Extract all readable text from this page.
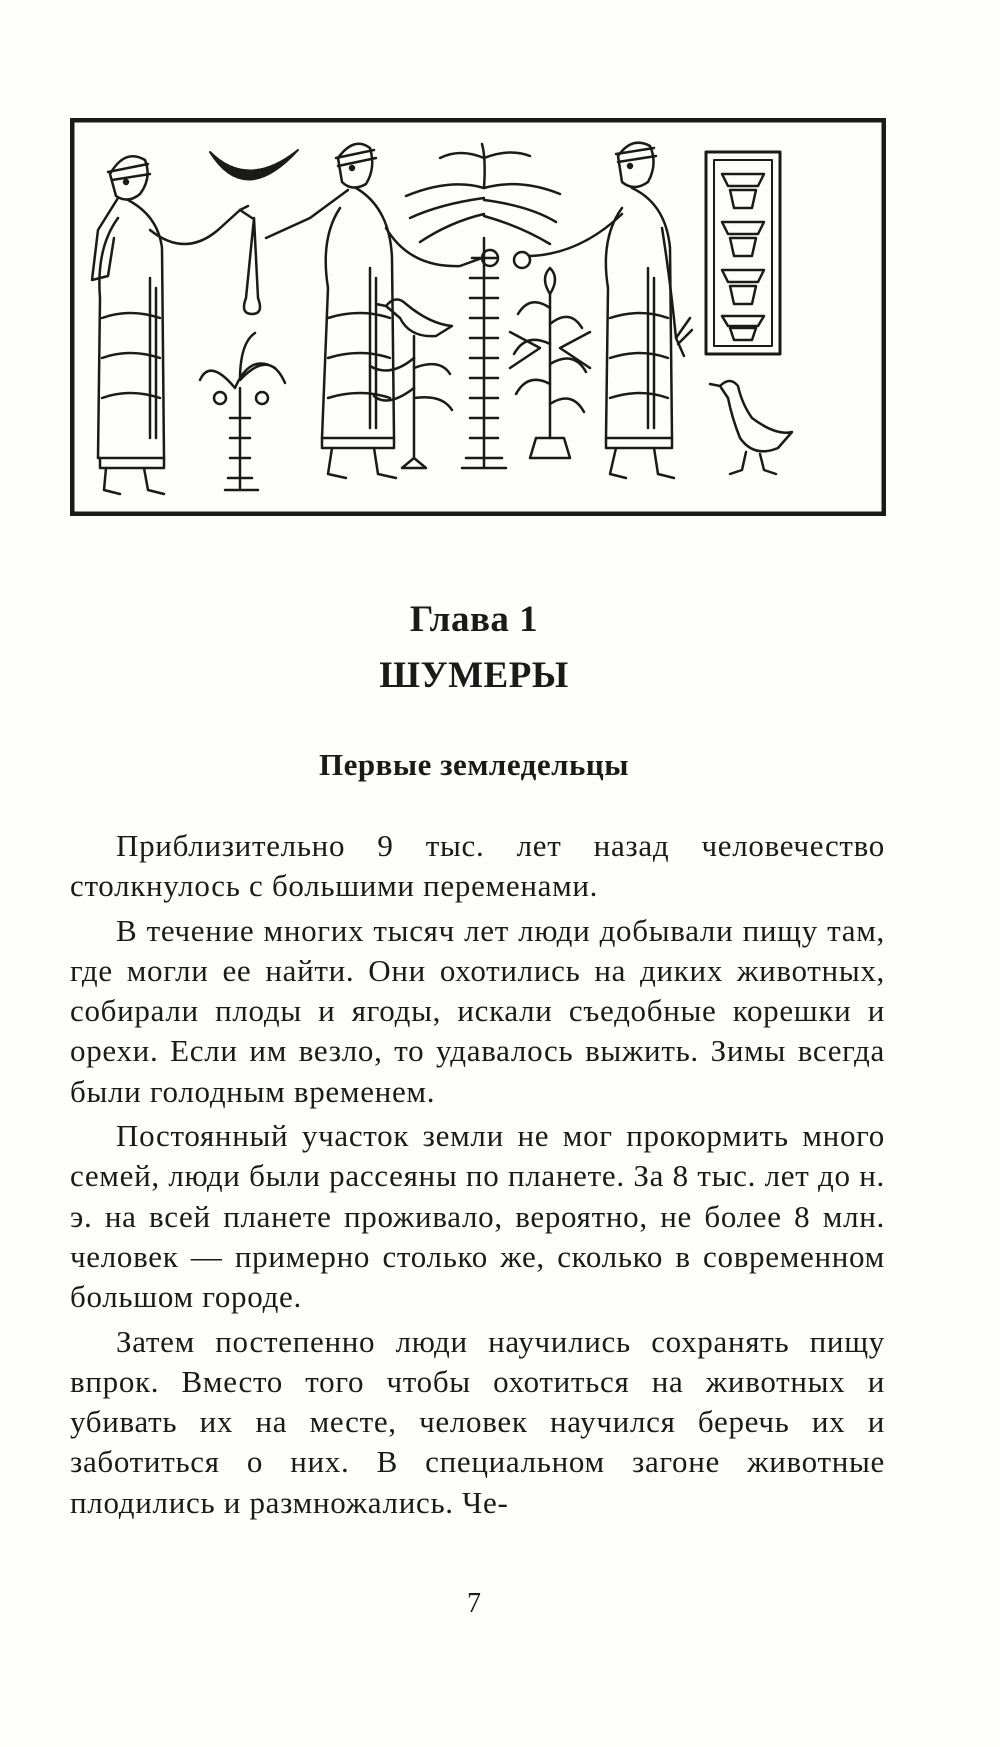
Глава 1
ШУМЕРЫ
Первые земледельцы

Приблизительно 9 тыс. лет назад человечество столкнулось с большими переменами.

В течение многих тысяч лет люди добывали пищу там, где могли ее найти. Они охотились на диких животных, собирали плоды и ягоды, искали съедобные корешки и орехи. Если им везло, то удавалось выжить. Зимы всегда были голодным временем.

Постоянный участок земли не мог прокормить много семей, люди были рассеяны по планете. За 8 тыс. лет до н. э. на всей планете проживало, вероятно, не более 8 млн. человек — примерно столько же, сколько в современном большом городе.

Затем постепенно люди научились сохранять пищу впрок. Вместо того чтобы охотиться на животных и убивать их на месте, человек научился беречь их и заботиться о них. В специальном загоне животные плодились и размножались. Че-

7
